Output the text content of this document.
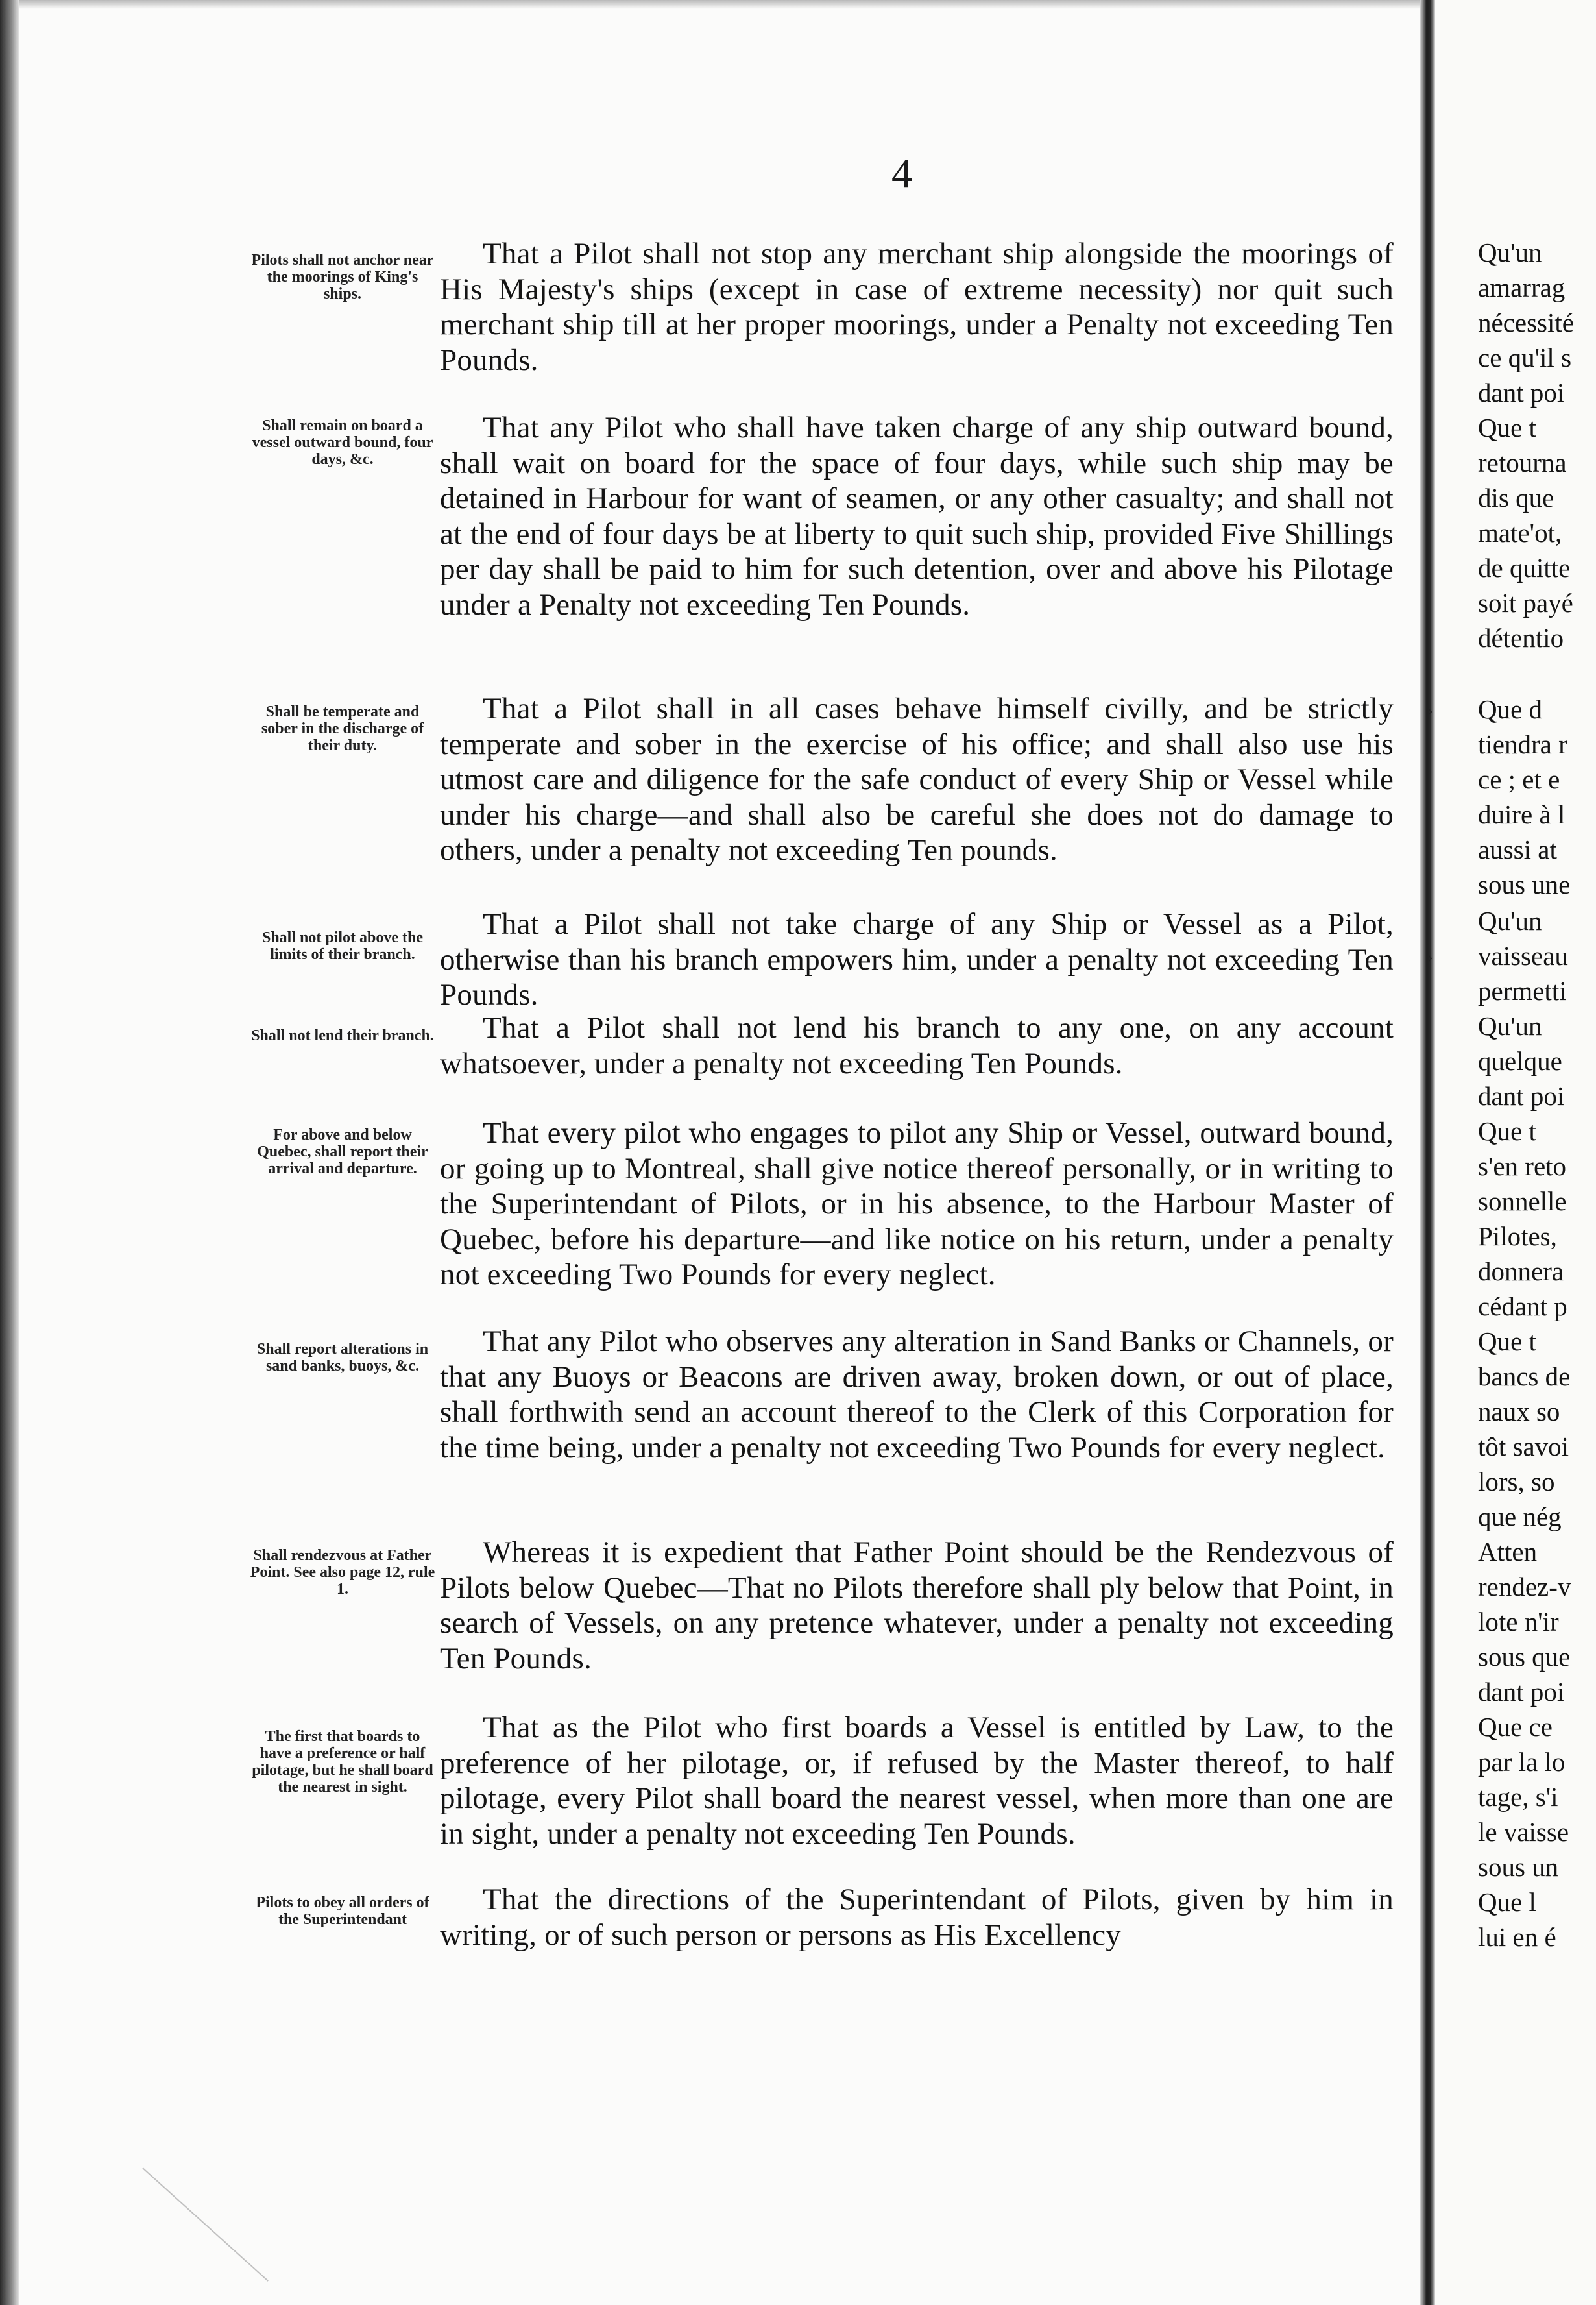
4
Pilots shall not anchor near the moorings of King's ships.
That a Pilot shall not stop any merchant ship alongside the moorings of His Majesty's ships (except in case of extreme necessity) nor quit such merchant ship till at her proper moorings, under a Penalty not exceeding Ten Pounds.
Shall remain on board a vessel outward bound, four days, &c.
That any Pilot who shall have taken charge of any ship outward bound, shall wait on board for the space of four days, while such ship may be detained in Harbour for want of seamen, or any other casualty; and shall not at the end of four days be at liberty to quit such ship, provided Five Shillings per day shall be paid to him for such detention, over and above his Pilotage under a Penalty not exceeding Ten Pounds.
Shall be temperate and sober in the discharge of their duty.
That a Pilot shall in all cases behave himself civilly, and be strictly temperate and sober in the exercise of his office; and shall also use his utmost care and diligence for the safe conduct of every Ship or Vessel while under his charge—and shall also be careful she does not do damage to others, under a penalty not exceeding Ten pounds.
Shall not pilot above the limits of their branch.
That a Pilot shall not take charge of any Ship or Vessel as a Pilot, otherwise than his branch empowers him, under a penalty not exceeding Ten Pounds.
Shall not lend their branch.	That a Pilot shall not lend his branch to any one, on any account whatsoever, under a penalty not exceeding Ten Pounds.
For above and below Quebec, shall report their arrival and departure.
That every pilot who engages to pilot any Ship or Vessel, outward bound, or going up to Montreal, shall give notice thereof personally, or in writing to the Superintendant of Pilots, or in his absence, to the Harbour Master of Quebec, before his departure—and like notice on his return, under a penalty not exceeding Two Pounds for every neglect.
Shall report alterations in sand banks, buoys, &c.
That any Pilot who observes any alteration in Sand Banks or Channels, or that any Buoys or Beacons are driven away, broken down, or out of place, shall forthwith send an account thereof to the Clerk of this Corporation for the time being, under a penalty not exceeding Two Pounds for every neglect.
Shall rendezvous at Father Point. See also page 12, rule 1.
Whereas it is expedient that Father Point should be the Rendezvous of Pilots below Quebec—That no Pilots therefore shall ply below that Point, in search of Vessels, on any pretence whatever, under a penalty not exceeding Ten Pounds.
The first that boards to have a preference or half pilotage, but he shall board the nearest in sight.
That as the Pilot who first boards a Vessel is entitled by Law, to the preference of her pilotage, or, if refused by the Master thereof, to half pilotage, every Pilot shall board the nearest vessel, when more than one are in sight, under a penalty not exceeding Ten Pounds.
Pilots to obey all orders of the Superintendant
That the directions of the Superintendant of Pilots, given by him in writing, or of such person or persons as His Excellency
›
›
Qu'un
amarrag
nécessité
ce qu'il s
dant poi
Que t
retourna
dis que
mate'ot,
de quitte
soit payé
détentio
Que d
tiendra r
ce ; et e
duire à l
aussi at
sous une
Qu'un
vaisseau
permetti
Qu'un
quelque
dant poi
Que t
s'en reto
sonnelle
Pilotes,
donnera
cédant p
Que t
bancs de
naux so
tôt savoi
lors, so
que nég
Atten
rendez-v
lote n'ir
sous que
dant poi
Que ce
par la lo
tage, s'i
le vaisse
sous un
Que l
lui en é
